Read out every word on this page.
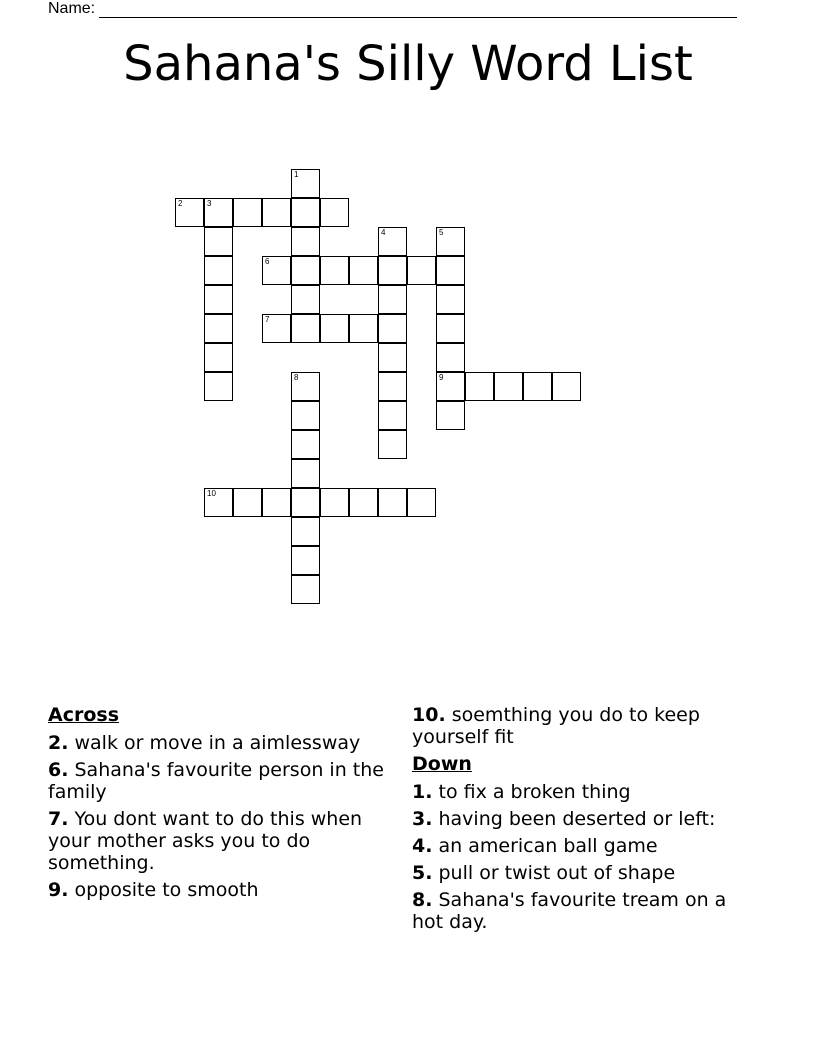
Name:
Sahana's Silly Word List
1
2	3
4	5
9
6
7
8
10
Across
2. walk or move in a aimlessway
6. Sahana's favourite person in the family
7. You dont want to do this when your mother asks you to do something.
9. opposite to smooth
10. soemthing you do to keep yourself fit
Down
1. to fix a broken thing
3. having been deserted or left:
4. an american ball game
5. pull or twist out of shape
8. Sahana's favourite tream on a hot day.
